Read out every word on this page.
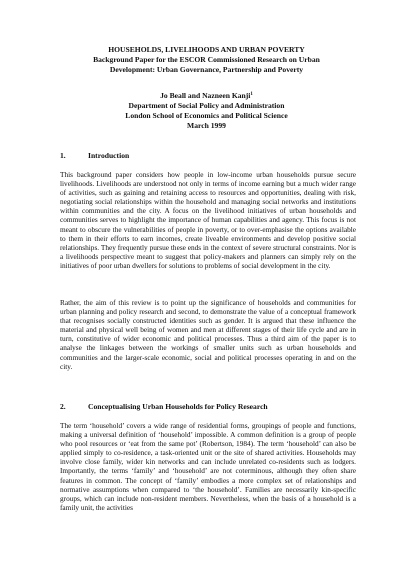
HOUSEHOLDS, LIVELIHOODS AND URBAN POVERTY
Background Paper for the ESCOR Commissioned Research on Urban
Development: Urban Governance, Partnership and Poverty
Jo Beall and Nazneen Kanji$^1$
Department of Social Policy and Administration
London School of Economics and Political Science
March 1999
1.	Introduction

This background paper considers how people in low-income urban households pursue secure livelihoods. Livelihoods are understood not only in terms of income earning but a much wider range of activities, such as gaining and retaining access to resources and opportunities, dealing with risk, negotiating social relationships within the household and managing social networks and institutions within communities and the city. A focus on the livelihood initiatives of urban households and communities serves to highlight the importance of human capabilities and agency. This focus is not meant to obscure the vulnerabilities of people in poverty, or to over-emphasise the options available to them in their efforts to earn incomes, create liveable environments and develop positive social relationships. They frequently pursue these ends in the context of severe structural constraints. Nor is a livelihoods perspective meant to suggest that policy-makers and planners can simply rely on the initiatives of poor urban dwellers for solutions to problems of social development in the city.

Rather, the aim of this review is to point up the significance of households and communities for urban planning and policy research and second, to demonstrate the value of a conceptual framework that recognises socially constructed identities such as gender. It is argued that these influence the material and physical well being of women and men at different stages of their life cycle and are in turn, constitutive of wider economic and political processes. Thus a third aim of the paper is to analyse the linkages between the workings of smaller units such as urban households and communities and the larger-scale economic, social and political processes operating in and on the city.

2.	Conceptualising Urban Households for Policy Research

The term ‘household’ covers a wide range of residential forms, groupings of people and functions, making a universal definition of ‘household’ impossible. A common definition is a group of people who pool resources or ‘eat from the same pot’ (Robertson, 1984). The term ‘household’ can also be applied simply to co-residence, a task-oriented unit or the site of shared activities. Households may involve close family, wider kin networks and can include unrelated co-residents such as lodgers. Importantly, the terms ‘family’ and ‘household’ are not coterminous, although they often share features in common. The concept of ‘family’ embodies a more complex set of relationships and normative assumptions when compared to ‘the household’. Families are necessarily kin-specific groups, which can include non-resident members. Nevertheless, when the basis of a household is a family unit, the activities
